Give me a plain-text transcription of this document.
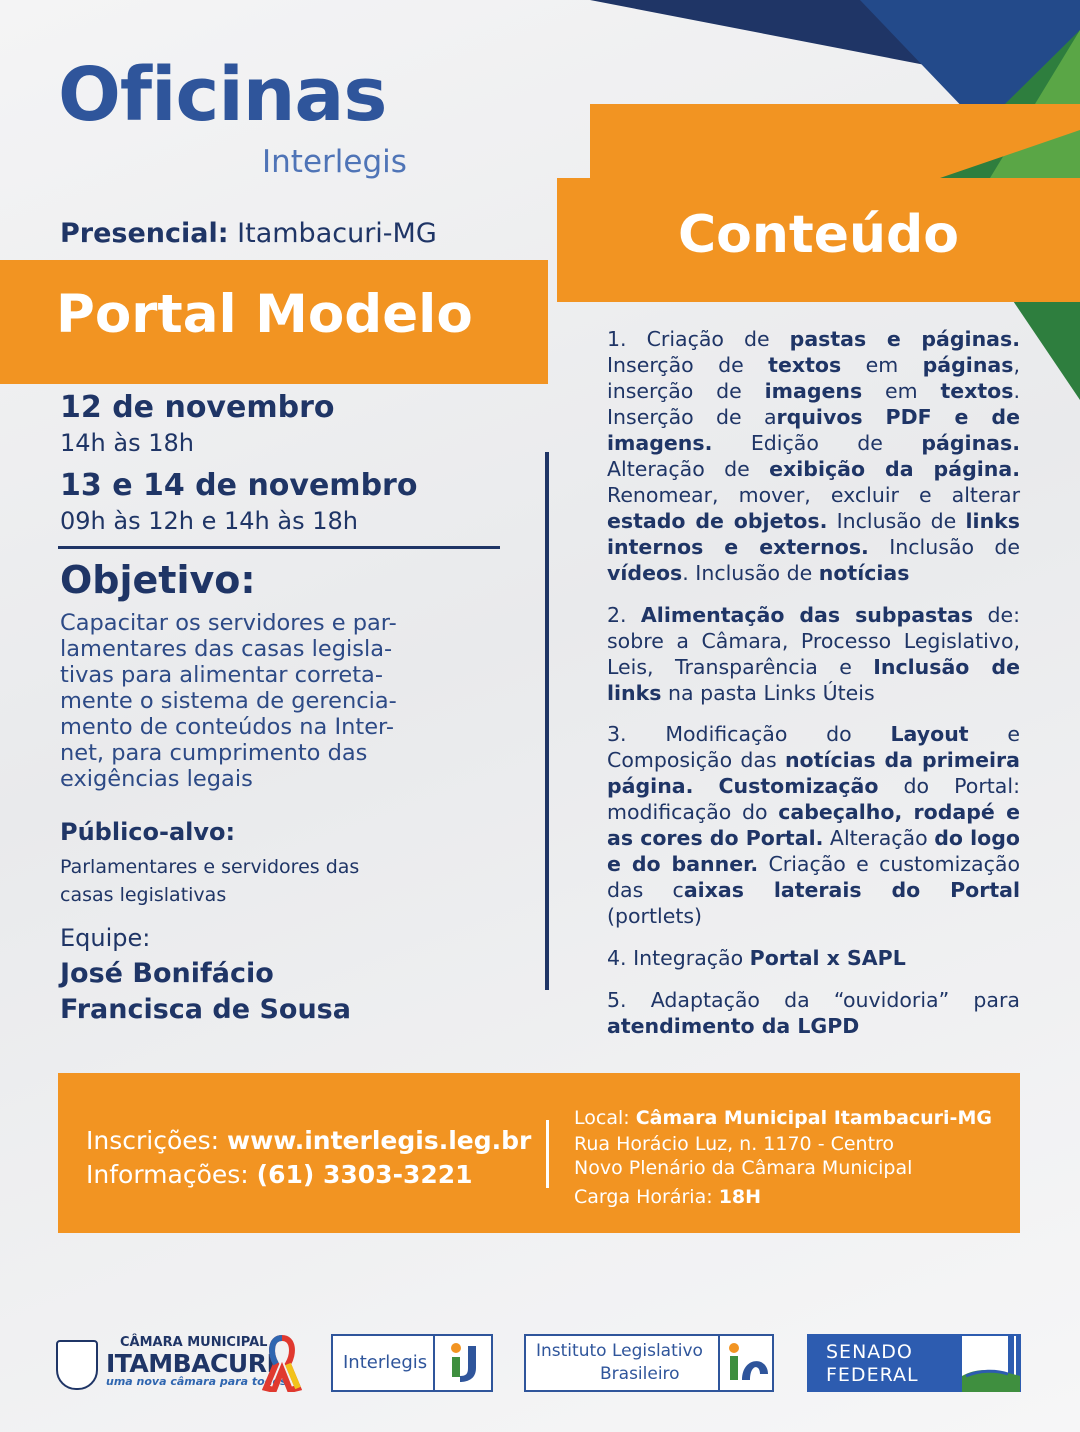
Oficinas
Interlegis
Presencial: Itambacuri-MG
Portal Modelo
12 de novembro
14h às 18h
13 e 14 de novembro
09h às 12h e 14h às 18h
Objetivo:
Capacitar os servidores e par-
lamentares das casas legisla-
tivas para alimentar correta-
mente o sistema de gerencia-
mento de conteúdos na Inter-
net, para cumprimento das
exigências legais
Público-alvo:
Parlamentares e servidores das
casas legislativas
Equipe:
José Bonifácio
Francisca de Sousa
Conteúdo
1. Criação de pastas e páginas. Inserção de textos em páginas, inserção de imagens em textos. Inserção de arquivos PDF e de imagens. Edição de páginas. Alteração de exibição da página. Renomear, mover, excluir e alterar estado de objetos. Inclusão de links internos e externos. Inclusão de vídeos. Inclusão de notícias
2. Alimentação das subpastas de: sobre a Câmara, Processo Legislativo, Leis, Transparência e Inclusão de links na pasta Links Úteis
3. Modificação do Layout e Composição das notícias da primeira página. Customização do Portal: modificação do cabeçalho, rodapé e as cores do Portal. Alteração do logo e do banner. Criação e customização das caixas laterais do Portal (portlets)
4. Integração Portal x SAPL
5. Adaptação da “ouvidoria” para atendimento da LGPD
Inscrições: www.interlegis.leg.br
Informações: (61) 3303-3221
Local: Câmara Municipal Itambacuri-MG
Rua Horácio Luz, n. 1170 - Centro
Novo Plenário da Câmara Municipal
Carga Horária: 18H
CÂMARA MUNICIPAL
ITAMBACURI
uma nova câmara para todos
Interlegis
Instituto Legislativo
Brasileiro
SENADO
FEDERAL
